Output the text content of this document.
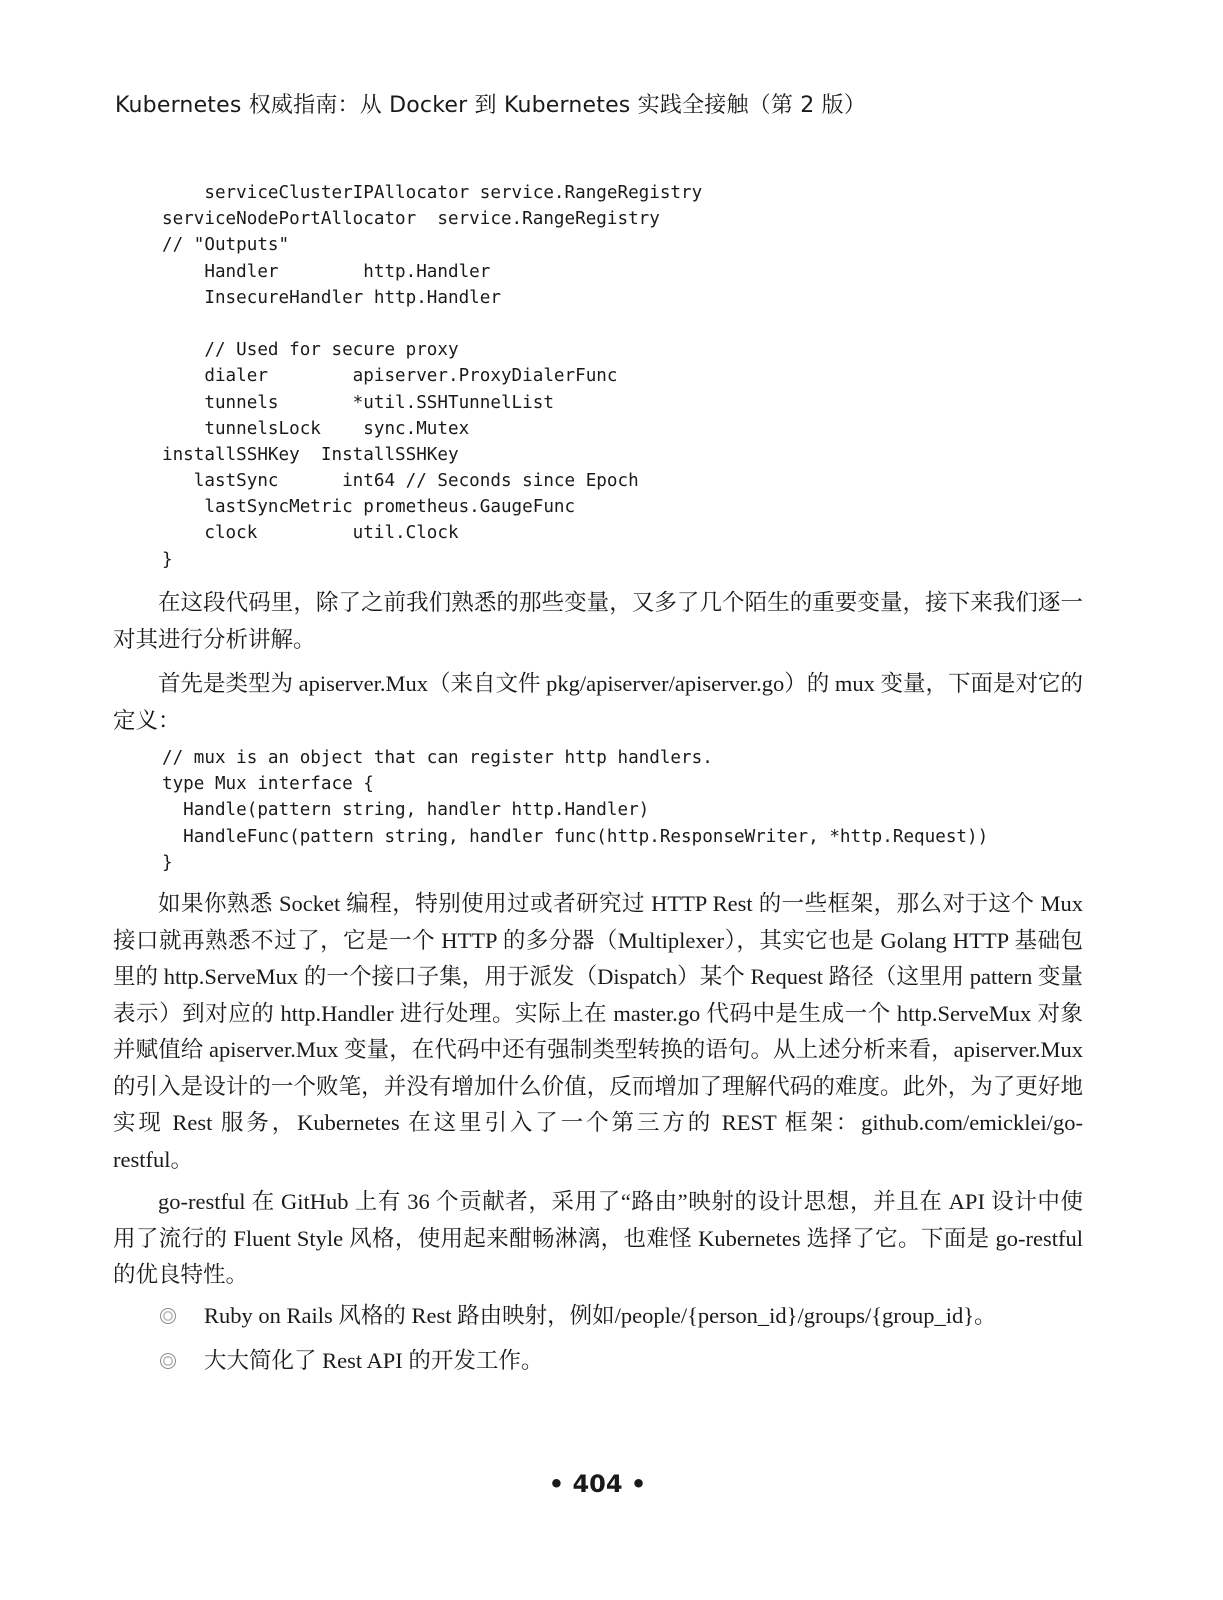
Kubernetes 权威指南：从 Docker 到 Kubernetes 实践全接触（第 2 版）
serviceClusterIPAllocator service.RangeRegistry
serviceNodePortAllocator  service.RangeRegistry
// "Outputs"
Handler        http.Handler
InsecureHandler http.Handler
// Used for secure proxy
dialer        apiserver.ProxyDialerFunc
tunnels       *util.SSHTunnelList
tunnelsLock    sync.Mutex
installSSHKey  InstallSSHKey
lastSync      int64 // Seconds since Epoch
lastSyncMetric prometheus.GaugeFunc
clock         util.Clock
}

在这段代码里，除了之前我们熟悉的那些变量，又多了几个陌生的重要变量，接下来我们逐一对其进行分析讲解。

首先是类型为 apiserver.Mux（来自文件 pkg/apiserver/apiserver.go）的 mux 变量，下面是对它的定义：

// mux is an object that can register http handlers.
type Mux interface {
Handle(pattern string, handler http.Handler)
HandleFunc(pattern string, handler func(http.ResponseWriter, *http.Request))
}

如果你熟悉 Socket 编程，特别使用过或者研究过 HTTP Rest 的一些框架，那么对于这个 Mux 接口就再熟悉不过了，它是一个 HTTP 的多分器（Multiplexer），其实它也是 Golang HTTP 基础包里的 http.ServeMux 的一个接口子集，用于派发（Dispatch）某个 Request 路径（这里用 pattern 变量表示）到对应的 http.Handler 进行处理。实际上在 master.go 代码中是生成一个 http.ServeMux 对象并赋值给 apiserver.Mux 变量，在代码中还有强制类型转换的语句。从上述分析来看，apiserver.Mux 的引入是设计的一个败笔，并没有增加什么价值，反而增加了理解代码的难度。此外，为了更好地实现 Rest 服务，Kubernetes 在这里引入了一个第三方的 REST 框架：github.com/emicklei/go-restful。

go-restful 在 GitHub 上有 36 个贡献者，采用了“路由”映射的设计思想，并且在 API 设计中使用了流行的 Fluent Style 风格，使用起来酣畅淋漓，也难怪 Kubernetes 选择了它。下面是 go-restful 的优良特性。

Ruby on Rails 风格的 Rest 路由映射，例如/people/{person_id}/groups/{group_id}。
大大简化了 Rest API 的开发工作。
• 404 •
